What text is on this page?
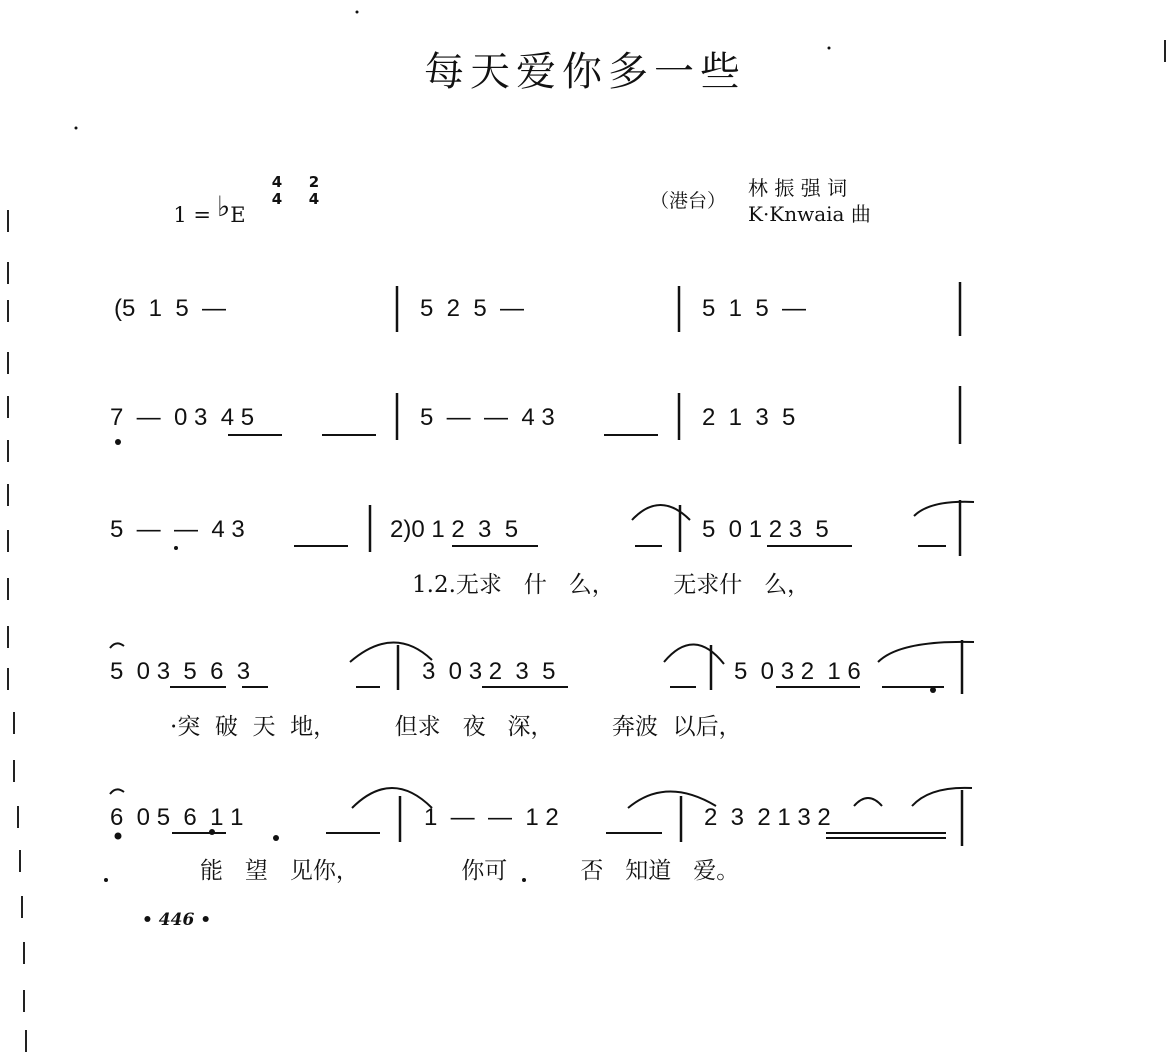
每天爱你多一些

1 = ♭E

4
4
2
4	（港台）
林 振 强 词
K·Knwaia 曲
(5  1  5  —	5  2  5  —	5  1  5  —
7  —  0 3  4 5	5  —  —  4 3	2  1  3  5
5  —  —  4 3	2)0 1 2  3  5	5  0 1 2 3  5
1.2.无求   什   么，        无求什   么，
5  0 3  5  6  3	3  0 3 2  3  5	5  0 3 2  1 6
·突  破  天  地，        但求   夜   深，        奔波  以后，
6  0 5  6  1 1	1  —  —  1 2	2  3  2 1 3 2
能   望   见你，              你可          否   知道   爱。
• 446 •
